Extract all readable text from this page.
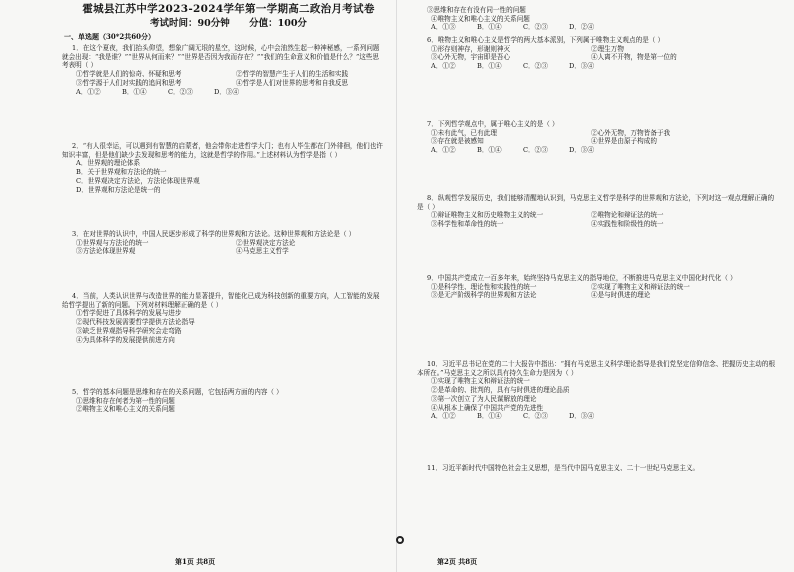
霍城县江苏中学2023-2024学年第一学期高二政治月考试卷
考试时间：90分钟 分值：100分
一、单选题（30*2共60分）

1．在这个夏夜，我们抬头仰望，想象广阔无垠的星空，这时候，心中会油然生起一种神秘感，一系列问题就会出现：“我是谁？”“世界从何而来？”“世界是否因为我而存在？”“我们的生命意义和价值是什么？”这些思考表明（ ）

①哲学就是人们的惊奇、怀疑和思考	②哲学的智慧产生于人们的生活和实践

③哲学源于人们对实践的追问和思考	④哲学是人们对世界的思考和自我反思

A．①②	B．①④	C．②③	D．③④

2．“有人很幸运，可以遇到有智慧的启蒙者，他会带你走进哲学大门；也有人毕生都在门外徘徊，他们也许知识丰富，但是他们缺少去发现和思考的能力，这就是哲学的作用。”上述材料认为哲学是指（ ）

A．世界观的理论体系

B．关于世界观和方法论的统一

C．世界观决定方法论，方法论体现世界观

D．世界观和方法论是统一的

3．在对世界的认识中，中国人民逐步形成了科学的世界观和方法论。这种世界观和方法论是（ ）

①世界观与方法论的统一	②世界观决定方法论

③方法论体现世界观	④马克思主义哲学

4．当前，人类认识世界与改造世界的能力显著提升，智能化已成为科技创新的重要方向，人工智能的发展给哲学提出了新的问题。下列对材料理解正确的是（ ）

①哲学促进了具体科学的发展与进步

②现代科技发展需要哲学提供方法论指导

③缺乏世界观指导科学研究会走弯路

④为具体科学的发展提供前进方向

5．哲学的基本问题是思维和存在的关系问题，它包括两方面的内容（ ）

①思维和存在何者为第一性的问题

②唯物主义和唯心主义的关系问题

第1页 共8页

③思维和存在有没有同一性的问题

④唯物主义和唯心主义的关系问题

A．①③	B．①④	C．②③	D．②④

6．唯物主义和唯心主义是哲学的两大基本派别，下列属于唯物主义观点的是（ ）

①形存则神存，形谢则神灭	②理生万物

③心外无物，宇宙即是吾心	④人离不开物，物是第一位的

A．①②	B．①④	C．②③	D．③④

7．下列哲学观点中，属于唯心主义的是（ ）

①未有此气，已有此理	②心外无物，万物皆备于我

③存在就是被感知	④世界是由原子构成的

A．①②	B．①④	C．②③	D．③④

8．纵观哲学发展历史，我们能够清醒地认识到，马克思主义哲学是科学的世界观和方法论，下列对这一观点理解正确的是（ ）

①辩证唯物主义和历史唯物主义的统一	②唯物论和辩证法的统一

③科学性和革命性的统一	④实践性和阶级性的统一

9．中国共产党成立一百多年来，始终坚持马克思主义的指导地位，不断推进马克思主义中国化时代化（ ）

①是科学性、理论性和实践性的统一	②实现了唯物主义和辩证法的统一

③是无产阶级科学的世界观和方法论	④是与时俱进的理论

10．习近平总书记在党的二十大报告中指出：“拥有马克思主义科学理论指导是我们党坚定信仰信念、把握历史主动的根本所在。”马克思主义之所以具有持久生命力是因为（ ）

①实现了唯物主义和辩证法的统一

②是革命的、批判的，具有与时俱进的理论品质

③第一次创立了为人民谋解放的理论

④从根本上确保了中国共产党的先进性

A．①②	B．①④	C．②③	D．③④

11．习近平新时代中国特色社会主义思想，是当代中国马克思主义、二十一世纪马克思主义。

第2页 共8页
